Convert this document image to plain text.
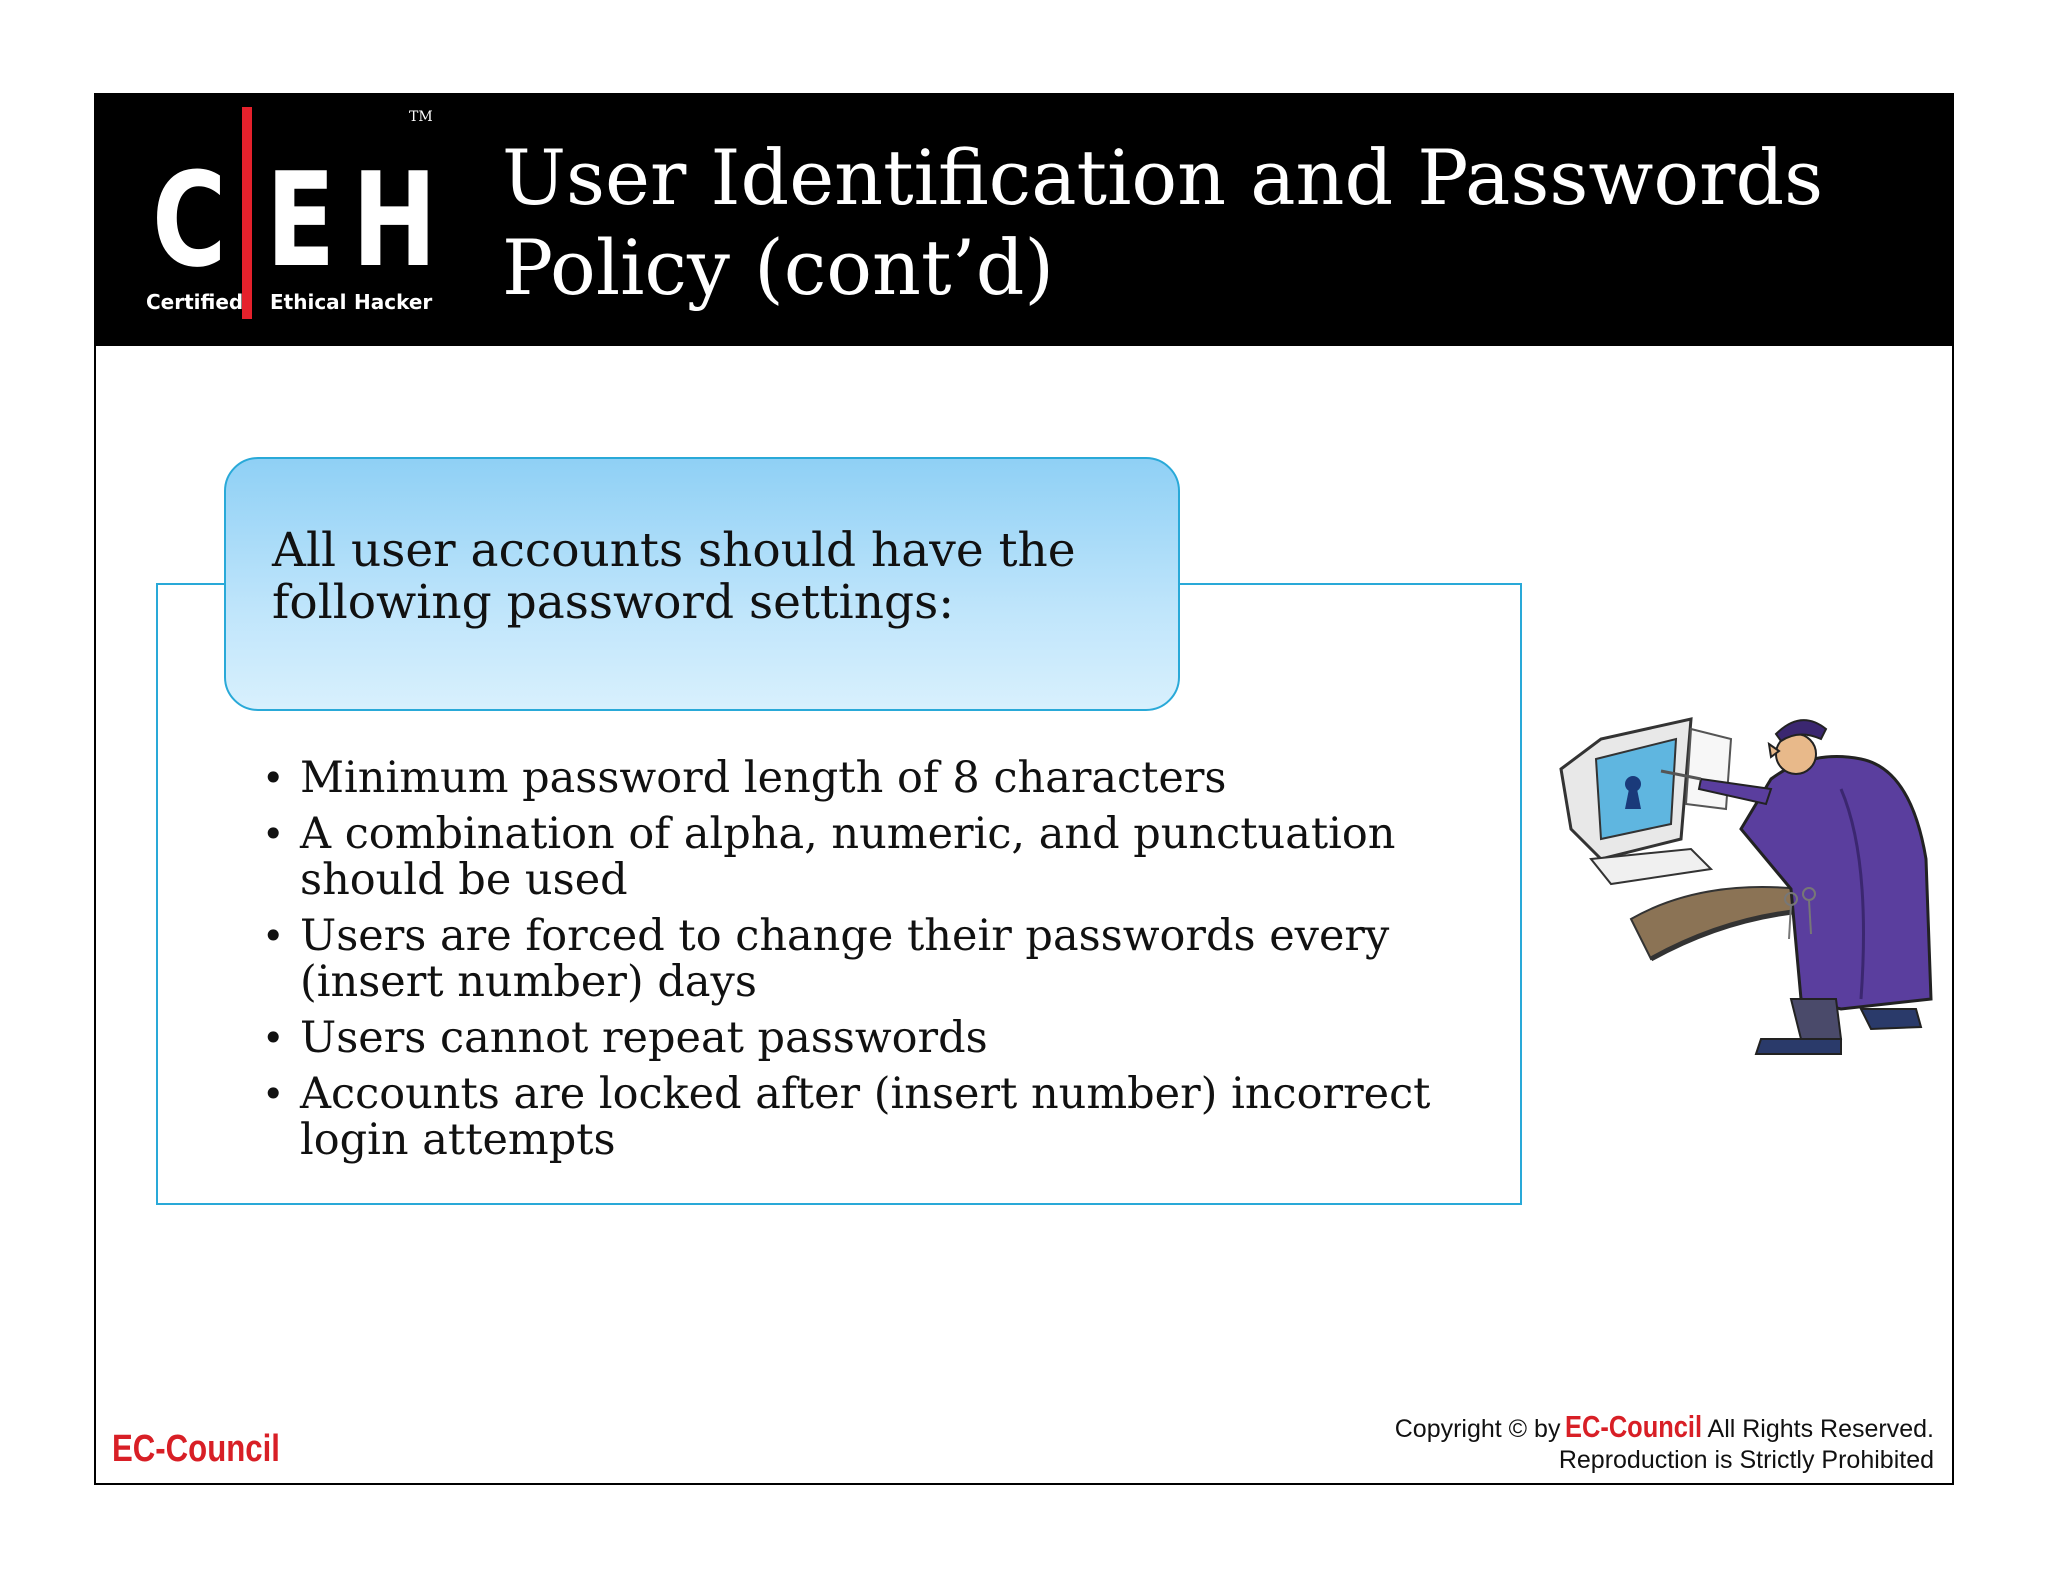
C E H
TM
Certified Ethical Hacker
User Identification and Passwords
Policy (cont’d)

All user accounts should have the
following password settings:

• Minimum password length of 8 characters
• A combination of alpha, numeric, and punctuation
should be used
• Users are forced to change their passwords every
(insert number) days
• Users cannot repeat passwords
• Accounts are locked after (insert number) incorrect
login attempts
EC-Council	Copyright © by EC-Council All Rights Reserved.
Reproduction is Strictly Prohibited
